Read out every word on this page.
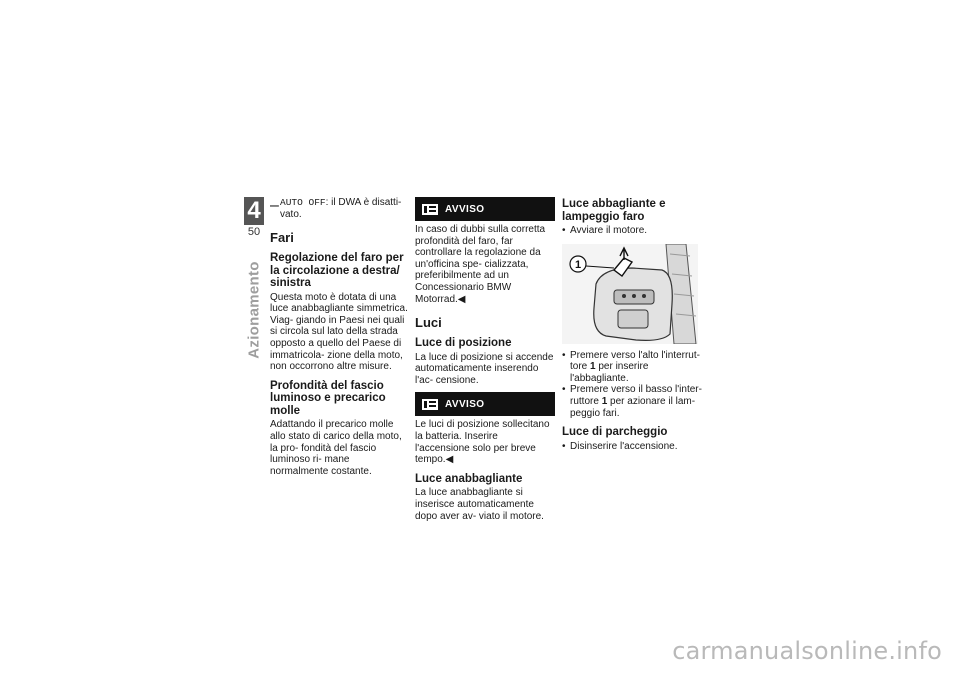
4
50
Azionamento
– AUTO OFF: il DWA è disatti- vato.

Fari
Regolazione del faro per la circolazione a destra/ sinistra

Questa moto è dotata di una luce anabbagliante simmetrica. Viag- giando in Paesi nei quali si circola sul lato della strada opposto a quello del Paese di immatricola- zione della moto, non occorrono altre misure.

Profondità del fascio luminoso e precarico molle

Adattando il precarico molle allo stato di carico della moto, la pro- fondità del fascio luminoso ri- mane normalmente costante.

AVVISO

In caso di dubbi sulla corretta profondità del faro, far controllare la regolazione da un'officina spe- cializzata, preferibilmente ad un Concessionario BMW Motorrad.◀

Luci
Luce di posizione

La luce di posizione si accende automaticamente inserendo l'ac- censione.

AVVISO

Le luci di posizione sollecitano la batteria. Inserire l'accensione solo per breve tempo.◀

Luce anabbagliante

La luce anabbagliante si inserisce automaticamente dopo aver av- viato il motore.

Luce abbagliante e lampeggio faro
• Avviare il motore.
1
• Premere verso l'alto l'interrut- tore 1 per inserire l'abbagliante.
• Premere verso il basso l'inter- ruttore 1 per azionare il lam- peggio fari.
Luce di parcheggio
• Disinserire l'accensione.
carmanualsonline.info
